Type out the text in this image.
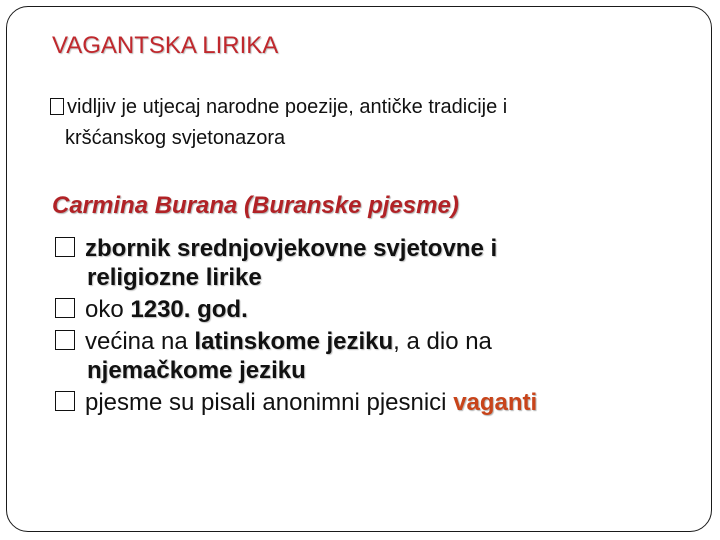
VAGANTSKA LIRIKA
vidljiv je utjecaj narodne poezije, antičke tradicije i
kršćanskog svjetonazora
Carmina Burana (Buranske pjesme)
zbornik srednjovjekovne svjetovne i
religiozne lirike
oko 1230. god.
većina na latinskome jeziku, a dio na
njemačkome jeziku
pjesme su pisali anonimni pjesnici vaganti
